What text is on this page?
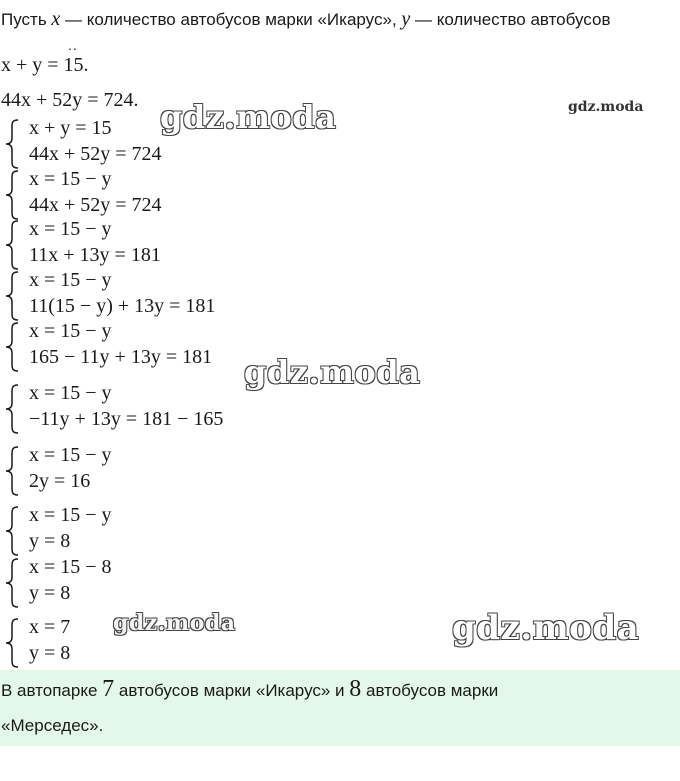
Пусть x — количество автобусов марки «Икарус», y — количество автобусов
..
x + y = 15.
44x + 52y = 724.
x + y = 15
44x + 52y = 724
x = 15 − y
44x + 52y = 724
x = 15 − y
11x + 13y = 181
x = 15 − y
11(15 − y) + 13y = 181
x = 15 − y
165 − 11y + 13y = 181
x = 15 − y
−11y + 13y = 181 − 165
x = 15 − y
2y = 16
x = 15 − y
y = 8
x = 15 − 8
y = 8
x = 7
y = 8
gdz.moda	gdz.moda
gdz.moda
gdz.moda	gdz.moda
В автопарке 7 автобусов марки «Икарус» и 8 автобусов марки
«Мерседес».
